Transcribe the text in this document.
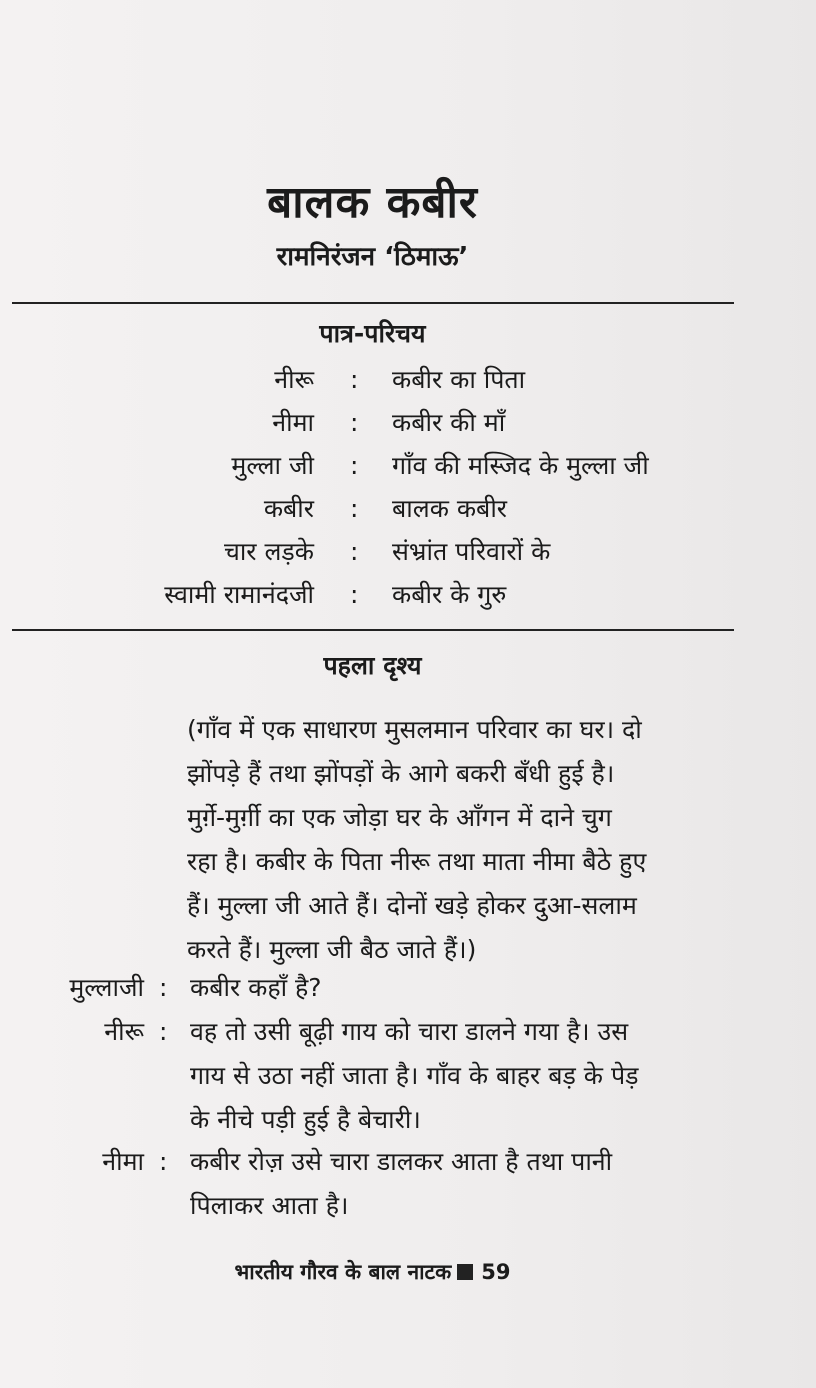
बालक कबीर
रामनिरंजन ‘ठिमाऊ’
पात्र-परिचय
नीरू : कबीर का पिता
नीमा : कबीर की माँ
मुल्ला जी : गाँव की मस्जिद के मुल्ला जी
कबीर : बालक कबीर
चार लड़के : संभ्रांत परिवारों के
स्वामी रामानंदजी : कबीर के गुरु
पहला दृश्य
(गाँव में एक साधारण मुसलमान परिवार का घर। दो
झोंपड़े हैं तथा झोंपड़ों के आगे बकरी बँधी हुई है।
मुर्ग़े-मुर्ग़ी का एक जोड़ा घर के आँगन में दाने चुग
रहा है। कबीर के पिता नीरू तथा माता नीमा बैठे हुए
हैं। मुल्ला जी आते हैं। दोनों खड़े होकर दुआ-सलाम
करते हैं। मुल्ला जी बैठ जाते हैं।)
मुल्लाजी : कबीर कहाँ है?
नीरू : वह तो उसी बूढ़ी गाय को चारा डालने गया है। उस
गाय से उठा नहीं जाता है। गाँव के बाहर बड़ के पेड़
के नीचे पड़ी हुई है बेचारी।
नीमा : कबीर रोज़ उसे चारा डालकर आता है तथा पानी
पिलाकर आता है।
भारतीय गौरव के बाल नाटक 59
